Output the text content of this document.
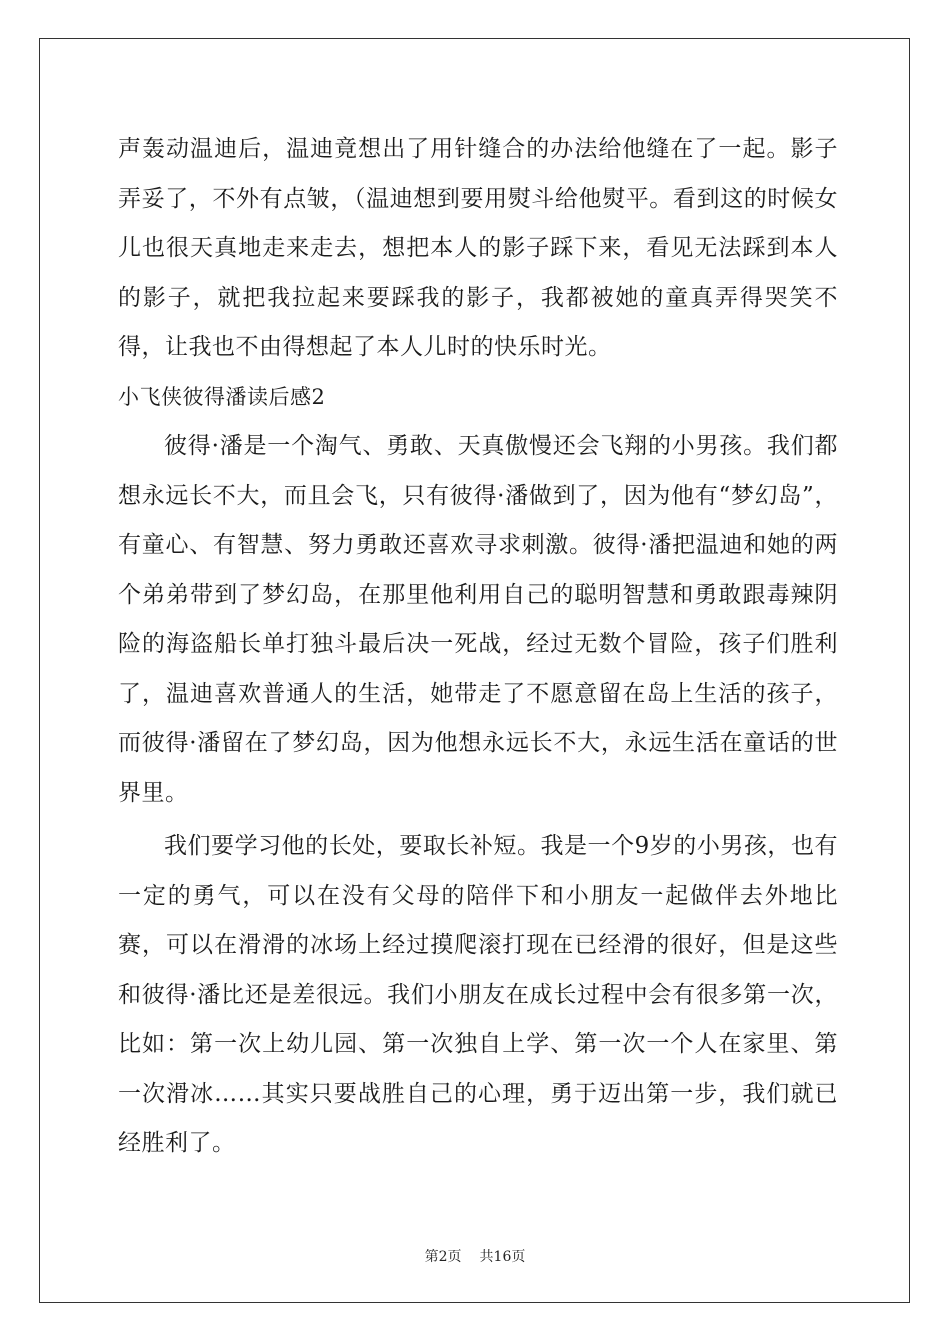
声轰动温迪后，温迪竟想出了用针缝合的办法给他缝在了一起。影子弄妥了，不外有点皱，（温迪想到要用熨斗给他熨平。看到这的时候女儿也很天真地走来走去，想把本人的影子踩下来，看见无法踩到本人的影子，就把我拉起来要踩我的影子，我都被她的童真弄得哭笑不得，让我也不由得想起了本人儿时的快乐时光。

小飞侠彼得潘读后感2

彼得·潘是一个淘气、勇敢、天真傲慢还会飞翔的小男孩。我们都想永远长不大，而且会飞，只有彼得·潘做到了，因为他有“梦幻岛”，有童心、有智慧、努力勇敢还喜欢寻求刺激。彼得·潘把温迪和她的两个弟弟带到了梦幻岛，在那里他利用自己的聪明智慧和勇敢跟毒辣阴险的海盗船长单打独斗最后决一死战，经过无数个冒险，孩子们胜利了，温迪喜欢普通人的生活，她带走了不愿意留在岛上生活的孩子，而彼得·潘留在了梦幻岛，因为他想永远长不大，永远生活在童话的世界里。

我们要学习他的长处，要取长补短。我是一个9岁的小男孩，也有一定的勇气，可以在没有父母的陪伴下和小朋友一起做伴去外地比赛，可以在滑滑的冰场上经过摸爬滚打现在已经滑的很好，但是这些和彼得·潘比还是差很远。我们小朋友在成长过程中会有很多第一次，比如：第一次上幼儿园、第一次独自上学、第一次一个人在家里、第一次滑冰……其实只要战胜自己的心理，勇于迈出第一步，我们就已经胜利了。

第2页 共16页
